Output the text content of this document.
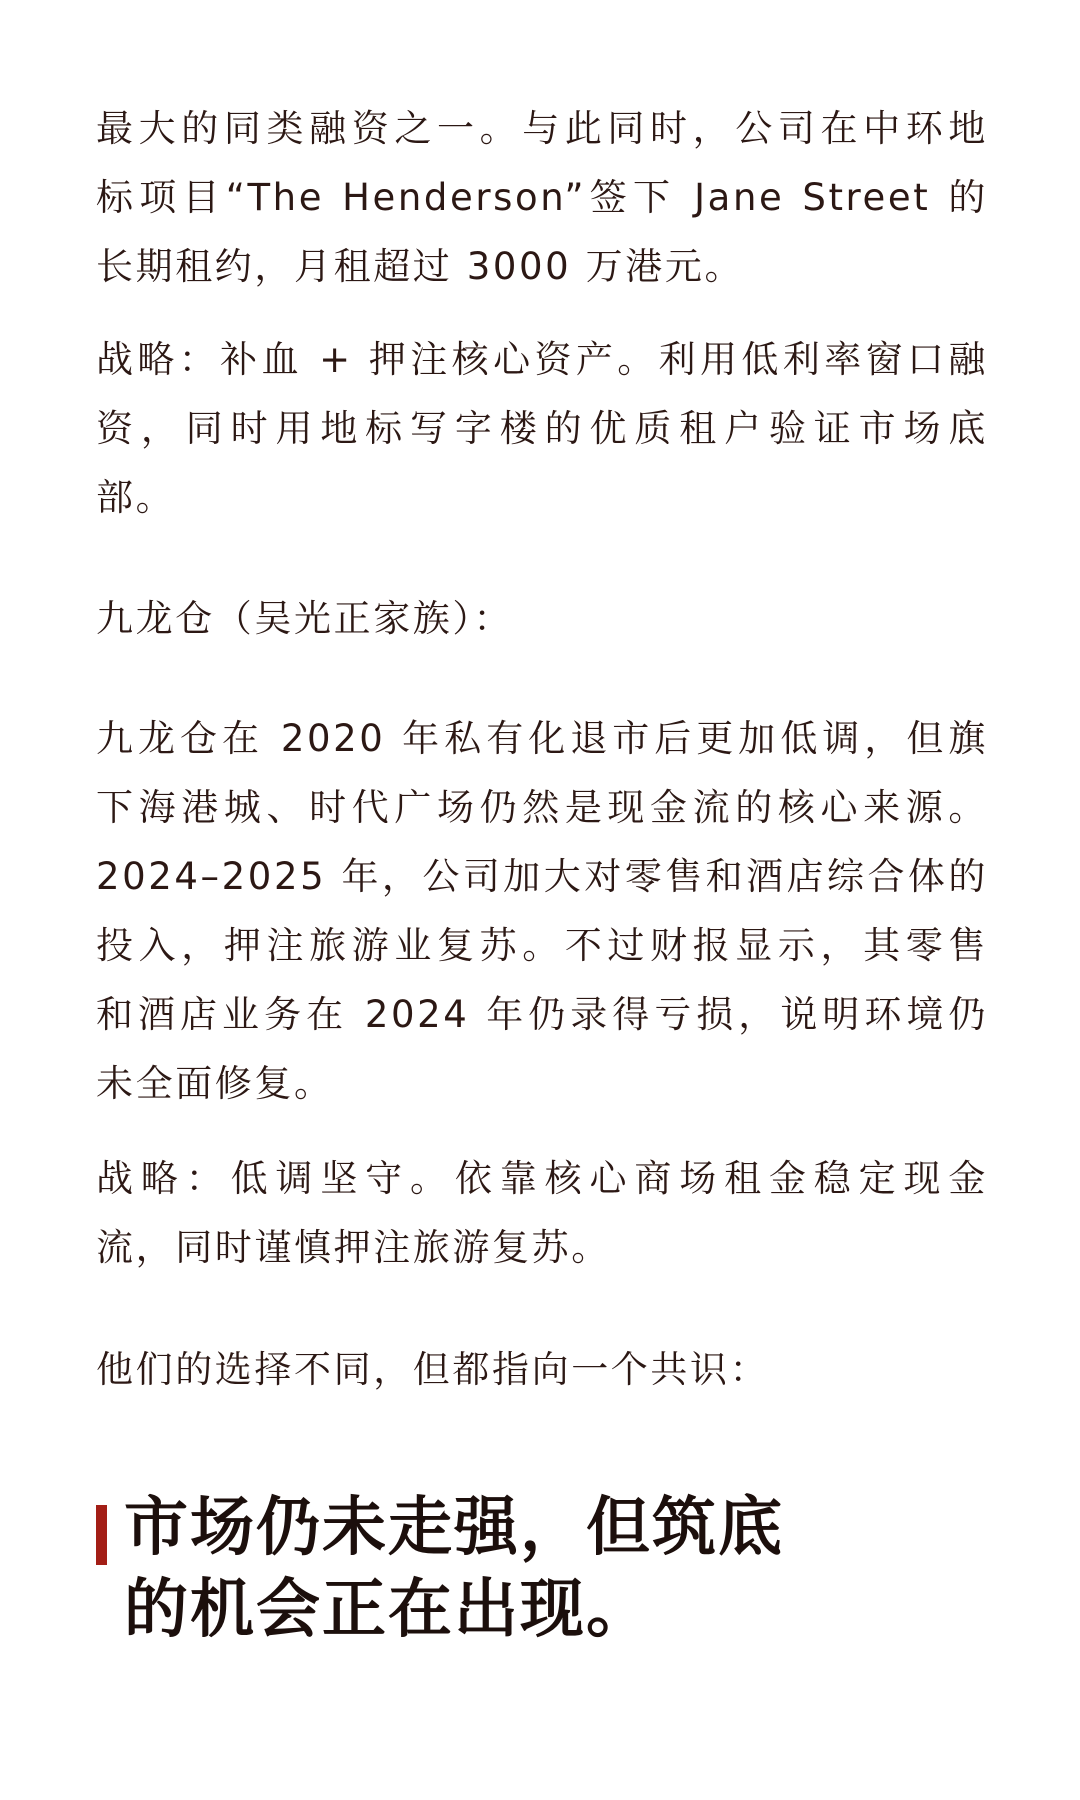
最大的同类融资之一。与此同时，公司在中环地
标项目“The Henderson”签下 Jane Street 的
长期租约，月租超过 3000 万港元。

战略：补血 + 押注核心资产。利用低利率窗口融
资，同时用地标写字楼的优质租户验证市场底
部。

九龙仓（吴光正家族）：

九龙仓在 2020 年私有化退市后更加低调，但旗
下海港城、时代广场仍然是现金流的核心来源。
2024–2025 年，公司加大对零售和酒店综合体的
投入，押注旅游业复苏。不过财报显示，其零售
和酒店业务在 2024 年仍录得亏损，说明环境仍
未全面修复。

战略：低调坚守。依靠核心商场租金稳定现金
流，同时谨慎押注旅游复苏。

他们的选择不同，但都指向一个共识：

市场仍未走强，但筑底
的机会正在出现。
